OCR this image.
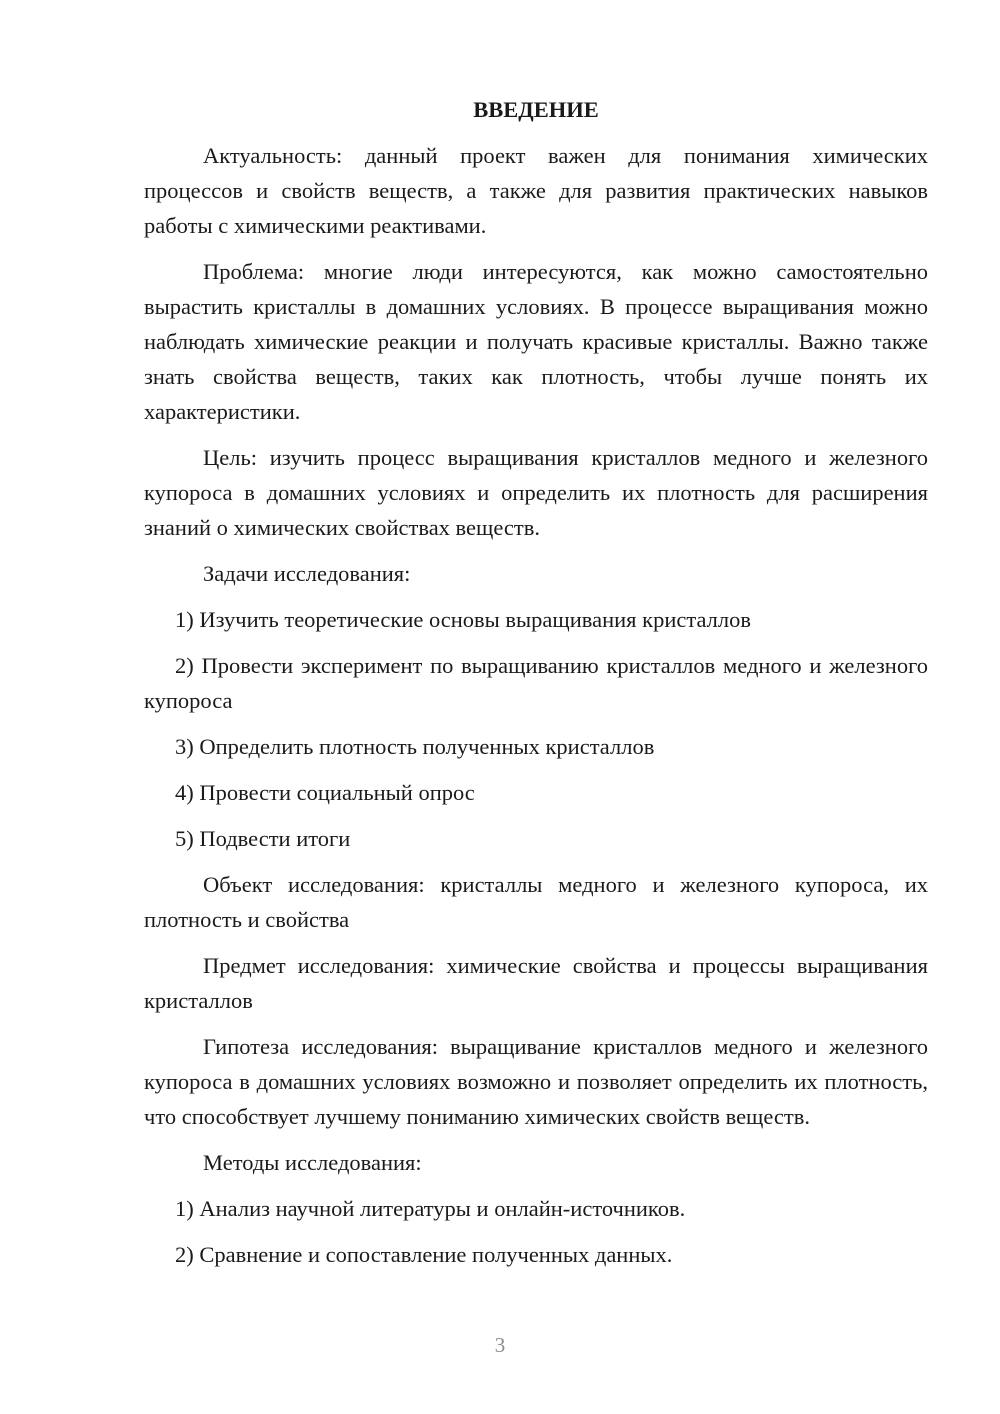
ВВЕДЕНИЕ

Актуальность: данный проект важен для понимания химических процессов и свойств веществ, а также для развития практических навыков работы с химическими реактивами.

Проблема: многие люди интересуются, как можно самостоятельно вырастить кристаллы в домашних условиях. В процессе выращивания можно наблюдать химические реакции и получать красивые кристаллы. Важно также знать свойства веществ, таких как плотность, чтобы лучше понять их характеристики.

Цель: изучить процесс выращивания кристаллов медного и железного купороса в домашних условиях и определить их плотность для расширения знаний о химических свойствах веществ.

Задачи исследования:

1) Изучить теоретические основы выращивания кристаллов

2) Провести эксперимент по выращиванию кристаллов медного и железного купороса

3) Определить плотность полученных кристаллов

4) Провести социальный опрос

5) Подвести итоги

Объект исследования: кристаллы медного и железного купороса, их плотность и свойства

Предмет исследования: химические свойства и процессы выращивания кристаллов

Гипотеза исследования: выращивание кристаллов медного и железного купороса в домашних условиях возможно и позволяет определить их плотность, что способствует лучшему пониманию химических свойств веществ.

Методы исследования:

1) Анализ научной литературы и онлайн-источников.

2) Сравнение и сопоставление полученных данных.

3
